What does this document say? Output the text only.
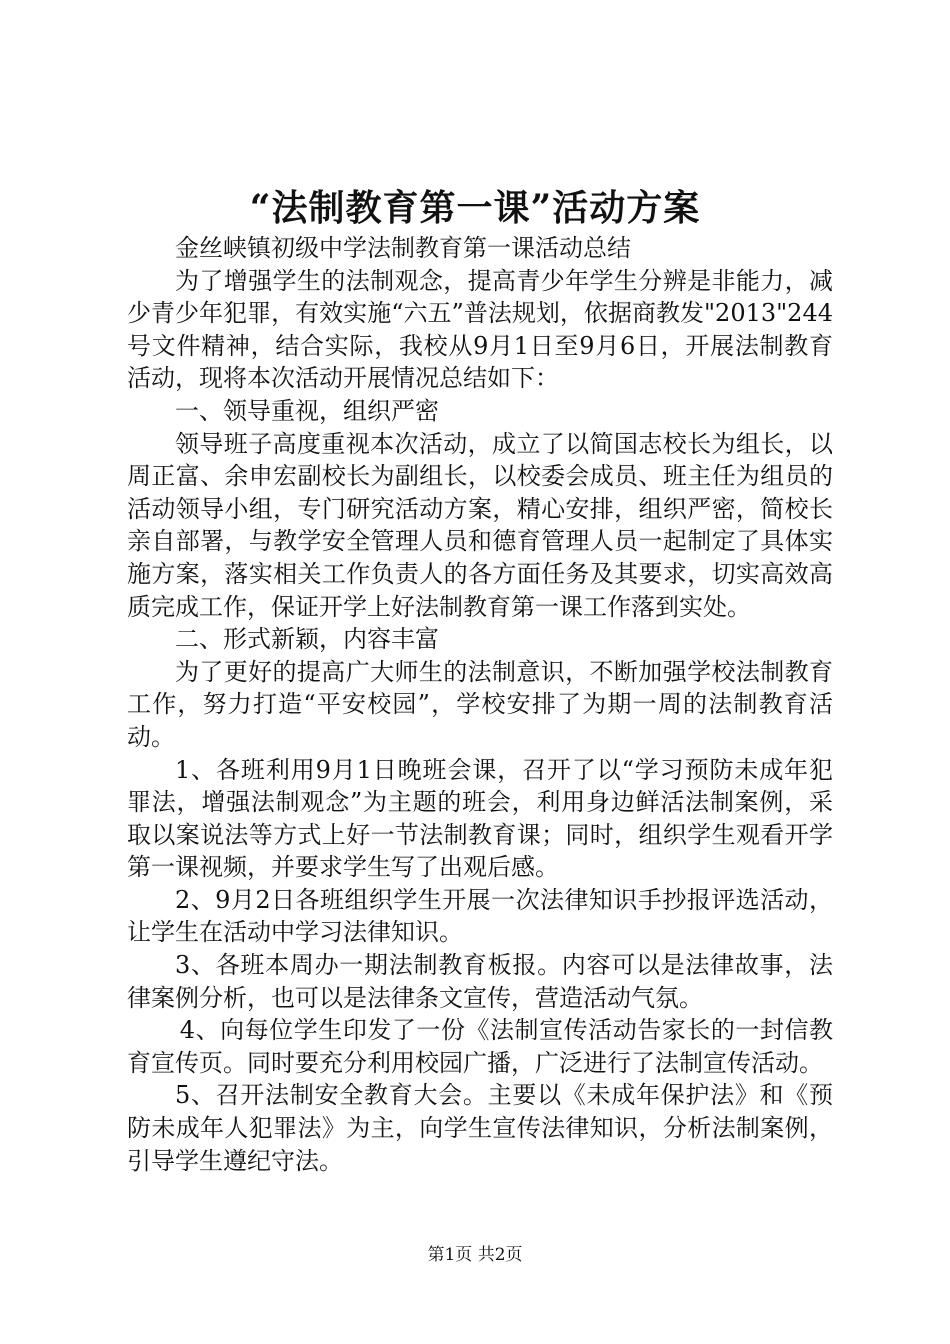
“法制教育第一课”活动方案

金丝峡镇初级中学法制教育第一课活动总结

为了增强学生的法制观念，提高青少年学生分辨是非能力，减少青少年犯罪，有效实施“六五”普法规划，依据商教发"2013"244号文件精神，结合实际，我校从9月1日至9月6日，开展法制教育活动，现将本次活动开展情况总结如下：

一、领导重视，组织严密

领导班子高度重视本次活动，成立了以简国志校长为组长，以周正富、余申宏副校长为副组长，以校委会成员、班主任为组员的活动领导小组，专门研究活动方案，精心安排，组织严密，简校长亲自部署，与教学安全管理人员和德育管理人员一起制定了具体实施方案，落实相关工作负责人的各方面任务及其要求，切实高效高质完成工作，保证开学上好法制教育第一课工作落到实处。

二、形式新颖，内容丰富

为了更好的提高广大师生的法制意识，不断加强学校法制教育工作，努力打造“平安校园”，学校安排了为期一周的法制教育活动。

1、各班利用9月1日晚班会课，召开了以“学习预防未成年犯罪法，增强法制观念”为主题的班会，利用身边鲜活法制案例，采取以案说法等方式上好一节法制教育课；同时，组织学生观看开学第一课视频，并要求学生写了出观后感。

2、9月2日各班组织学生开展一次法律知识手抄报评选活动，让学生在活动中学习法律知识。

3、各班本周办一期法制教育板报。内容可以是法律故事，法律案例分析，也可以是法律条文宣传，营造活动气氛。

4、向每位学生印发了一份《法制宣传活动告家长的一封信教育宣传页。同时要充分利用校园广播，广泛进行了法制宣传活动。

5、召开法制安全教育大会。主要以《未成年保护法》和《预防未成年人犯罪法》为主，向学生宣传法律知识，分析法制案例，引导学生遵纪守法。

第1页 共2页
